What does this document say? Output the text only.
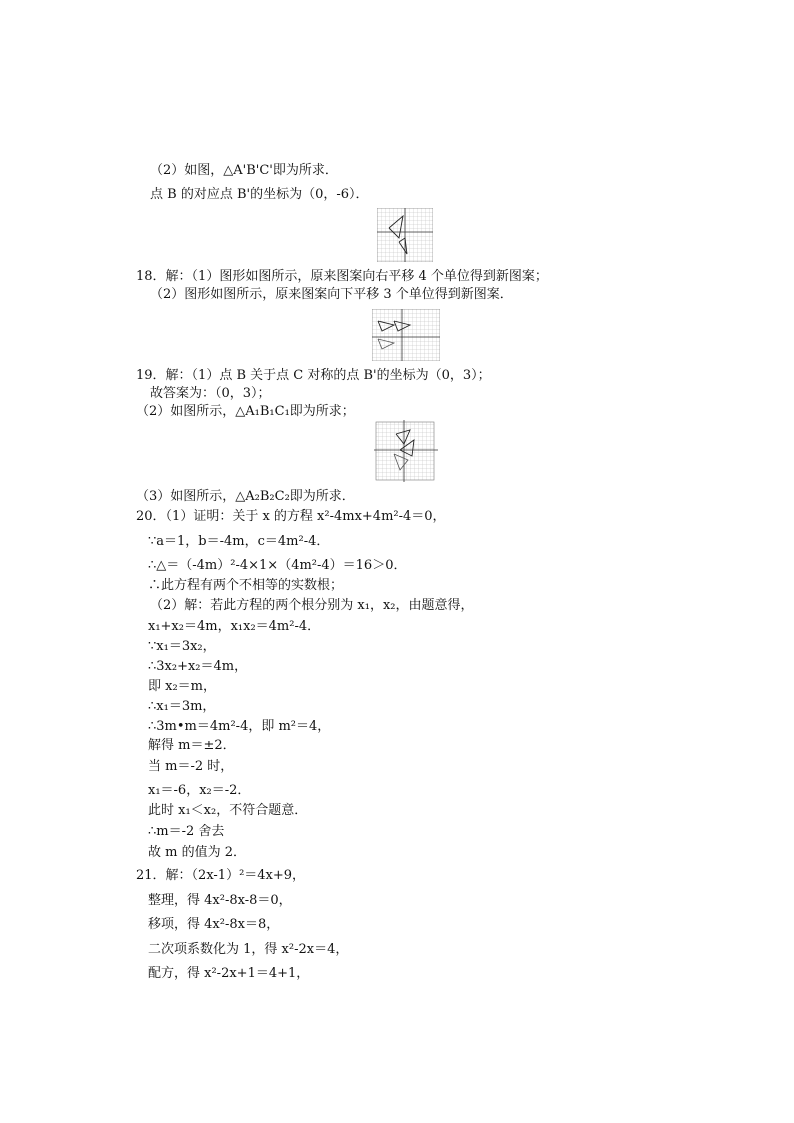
（2）如图，△A'B'C'即为所求．
点 B 的对应点 B'的坐标为（0，-6）．
18．解：（1）图形如图所示，原来图案向右平移 4 个单位得到新图案；
（2）图形如图所示，原来图案向下平移 3 个单位得到新图案．
19．解：（1）点 B 关于点 C 对称的点 B'的坐标为（0，3）；
故答案为：（0，3）；
（2）如图所示，△A₁B₁C₁即为所求；
（3）如图所示，△A₂B₂C₂即为所求．
20．（1）证明：关于 x 的方程 x²-4mx+4m²-4＝0，
∵a＝1，b＝-4m，c＝4m²-4．
∴△＝（-4m）²-4×1×（4m²-4）＝16＞0．
∴此方程有两个不相等的实数根；
（2）解：若此方程的两个根分别为 x₁，x₂，由题意得，
x₁+x₂＝4m，x₁x₂＝4m²-4．
∵x₁＝3x₂，
∴3x₂+x₂＝4m，
即 x₂＝m，
∴x₁＝3m，
∴3m•m＝4m²-4，即 m²＝4，
解得 m＝±2．
当 m＝-2 时，
x₁＝-6，x₂＝-2．
此时 x₁＜x₂，不符合题意．
∴m＝-2 舍去
故 m 的值为 2．
21．解：（2x-1）²＝4x+9，
整理，得 4x²-8x-8＝0，
移项，得 4x²-8x＝8，
二次项系数化为 1，得 x²-2x＝4，
配方，得 x²-2x+1＝4+1，
